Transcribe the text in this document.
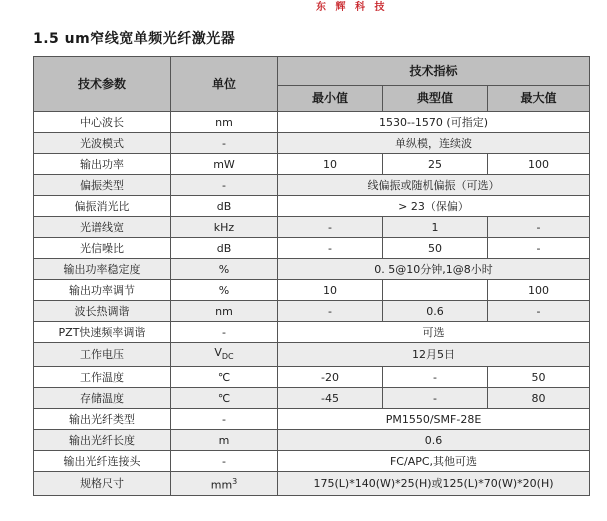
东 辉 科 技
1.5 um窄线宽单频光纤激光器
技术参数	单位	技术指标		
		最小值	典型值	最大值
中心波长	nm	1530--1570 (可指定)		
光波模式	-	单纵模，连续波		
输出功率	mW	10	25	100
偏振类型	-	线偏振或随机偏振（可选）		
偏振消光比	dB	> 23（保偏）		
光谱线宽	kHz	-	1	-
光信噪比	dB	-	50	-
输出功率稳定度	%	0. 5@10分钟,1@8小时		
输出功率调节	%	10		100
波长热调谐	nm	-	0.6	-
PZT快速频率调谐	-	可选		
工作电压	$V_{DC}$	12月5日		
工作温度	℃	-20	-	50
存储温度	℃	-45	-	80
输出光纤类型	-	PM1550/SMF-28E		
输出光纤长度	m	0.6		
输出光纤连接头	-	FC/APC,其他可选		
规格尺寸	$mm^3$	175(L)*140(W)*25(H)或125(L)*70(W)*20(H)		
